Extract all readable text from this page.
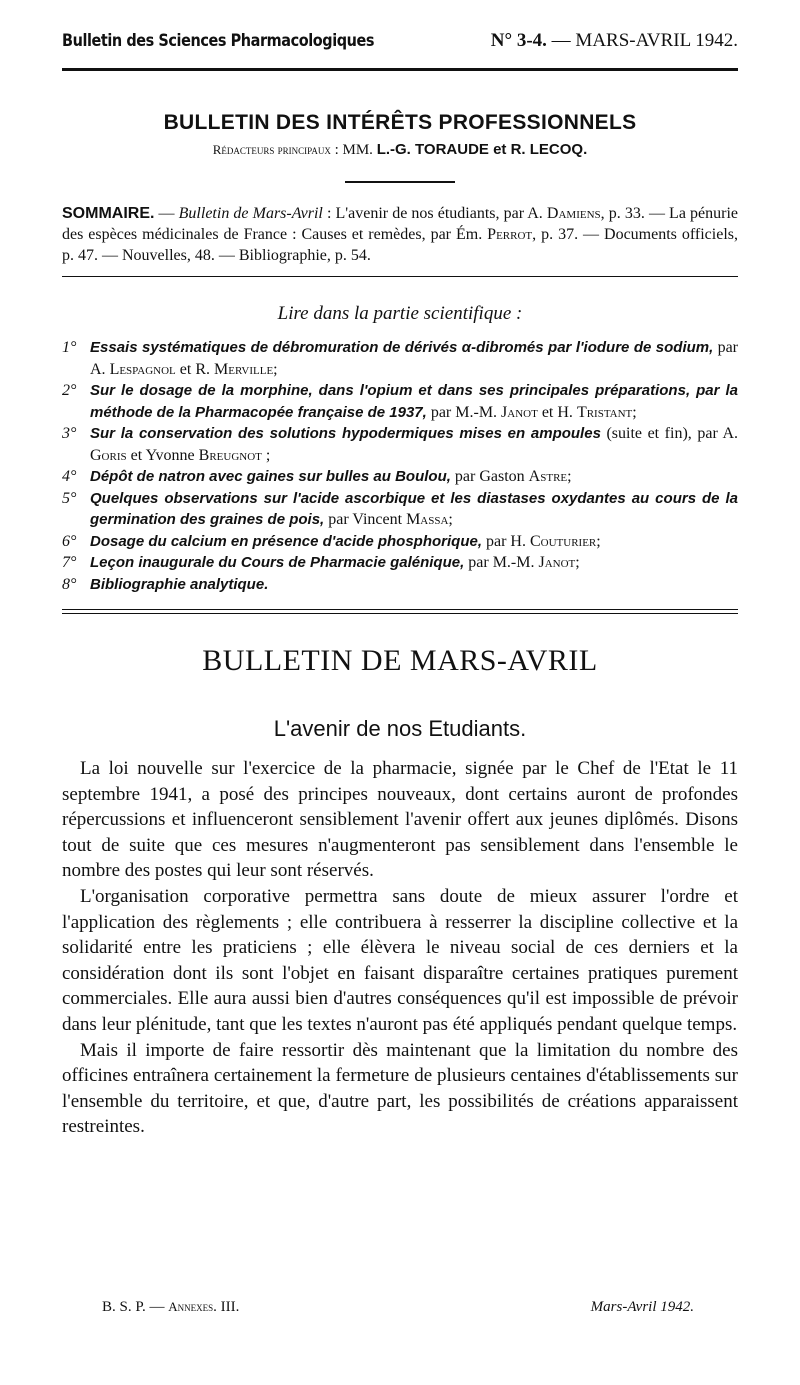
Bulletin des Sciences Pharmacologiques	N° 3-4. — MARS-AVRIL 1942.
BULLETIN DES INTÉRÊTS PROFESSIONNELS
Rédacteurs principaux : MM. L.-G. TORAUDE et R. LECOQ.
SOMMAIRE. — Bulletin de Mars-Avril : L'avenir de nos étudiants, par A. Damiens, p. 33. — La pénurie des espèces médicinales de France : Causes et remèdes, par Ém. Perrot, p. 37. — Documents officiels, p. 47. — Nouvelles, 48. — Bibliographie, p. 54.
Lire dans la partie scientifique :
1° Essais systématiques de débromuration de dérivés α-dibromés par l'iodure de sodium, par A. Lespagnol et R. Merville;
2° Sur le dosage de la morphine, dans l'opium et dans ses principales préparations, par la méthode de la Pharmacopée française de 1937, par M.-M. Janot et H. Tristant;
3° Sur la conservation des solutions hypodermiques mises en ampoules (suite et fin), par A. Goris et Yvonne Breugnot ;
4° Dépôt de natron avec gaines sur bulles au Boulou, par Gaston Astre;
5° Quelques observations sur l'acide ascorbique et les diastases oxydantes au cours de la germination des graines de pois, par Vincent Massa;
6° Dosage du calcium en présence d'acide phosphorique, par H. Couturier;
7° Leçon inaugurale du Cours de Pharmacie galénique, par M.-M. Janot;
8° Bibliographie analytique.
BULLETIN DE MARS-AVRIL
L'avenir de nos Etudiants.

La loi nouvelle sur l'exercice de la pharmacie, signée par le Chef de l'Etat le 11 septembre 1941, a posé des principes nouveaux, dont certains auront de profondes répercussions et influenceront sensiblement l'avenir offert aux jeunes diplômés. Disons tout de suite que ces mesures n'augmenteront pas sensiblement dans l'ensemble le nombre des postes qui leur sont réservés.

L'organisation corporative permettra sans doute de mieux assurer l'ordre et l'application des règlements ; elle contribuera à resserrer la discipline collective et la solidarité entre les praticiens ; elle élèvera le niveau social de ces derniers et la considération dont ils sont l'objet en faisant disparaître certaines pratiques purement commerciales. Elle aura aussi bien d'autres conséquences qu'il est impossible de prévoir dans leur plénitude, tant que les textes n'auront pas été appliqués pendant quelque temps.

Mais il importe de faire ressortir dès maintenant que la limitation du nombre des officines entraînera certainement la fermeture de plusieurs centaines d'établissements sur l'ensemble du territoire, et que, d'autre part, les possibilités de créations apparaissent restreintes.

B. S. P. — Annexes. III.	Mars-Avril 1942.
